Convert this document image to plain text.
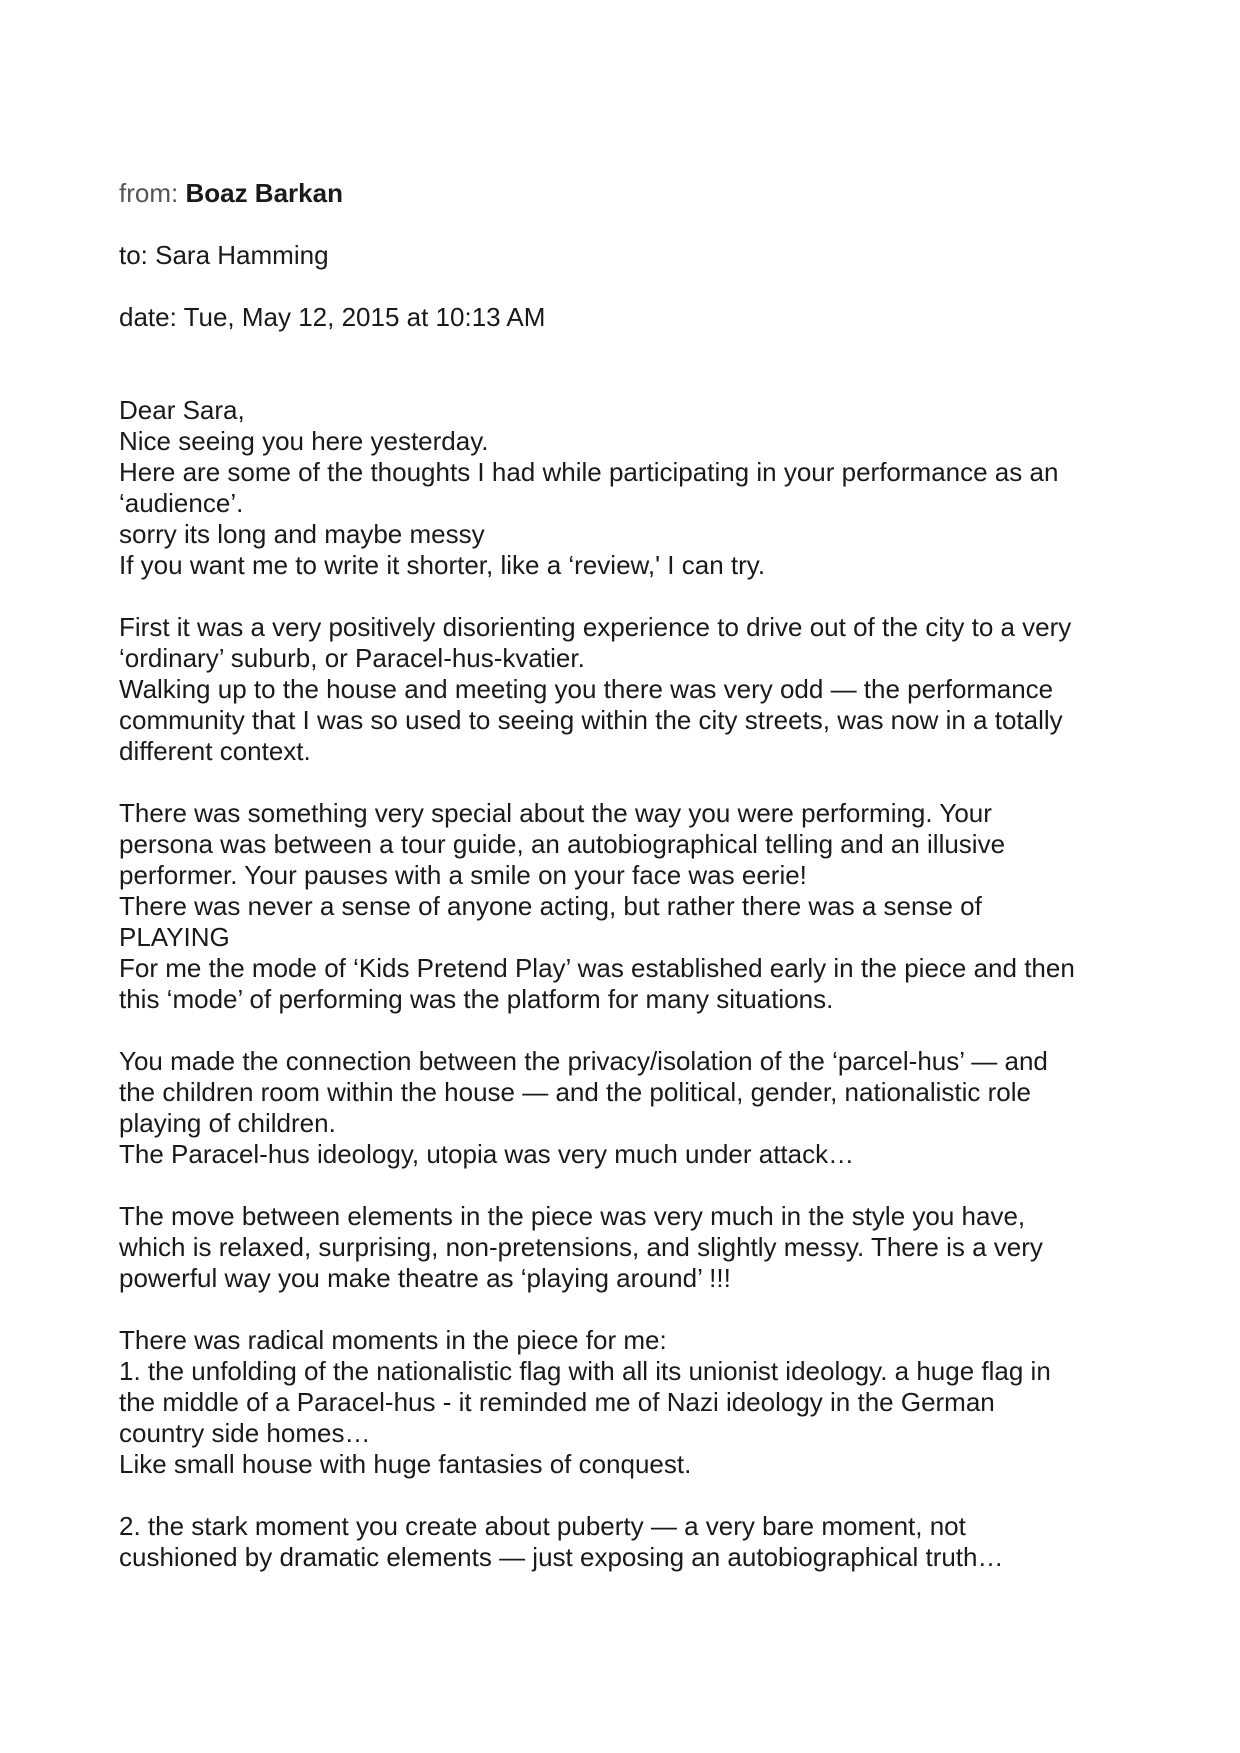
from: Boaz Barkan
to: Sara Hamming
date: Tue, May 12, 2015 at 10:13 AM
Dear Sara,
Nice seeing you here yesterday.
Here are some of the thoughts I had while participating in your performance as an
‘audience’.
sorry its long and maybe messy
If you want me to write it shorter, like a ‘review,' I can try.
First it was a very positively disorienting experience to drive out of the city to a very
‘ordinary’ suburb, or Paracel-hus-kvatier.
Walking up to the house and meeting you there was very odd — the performance
community that I was so used to seeing within the city streets, was now in a totally
different context.
There was something very special about the way you were performing. Your
persona was between a tour guide, an autobiographical telling and an illusive
performer. Your pauses with a smile on your face was eerie!
There was never a sense of anyone acting, but rather there was a sense of
PLAYING
For me the mode of ‘Kids Pretend Play’ was established early in the piece and then
this ‘mode’ of performing was the platform for many situations.
You made the connection between the privacy/isolation of the ‘parcel-hus’ — and
the children room within the house — and the political, gender, nationalistic role
playing of children.
The Paracel-hus ideology, utopia was very much under attack…
The move between elements in the piece was very much in the style you have,
which is relaxed, surprising, non-pretensions, and slightly messy. There is a very
powerful way you make theatre as ‘playing around’ !!!
There was radical moments in the piece for me:
1. the unfolding of the nationalistic flag with all its unionist ideology. a huge flag in
the middle of a Paracel-hus - it reminded me of Nazi ideology in the German
country side homes…
Like small house with huge fantasies of conquest.
2. the stark moment you create about puberty — a very bare moment, not
cushioned by dramatic elements — just exposing an autobiographical truth…
